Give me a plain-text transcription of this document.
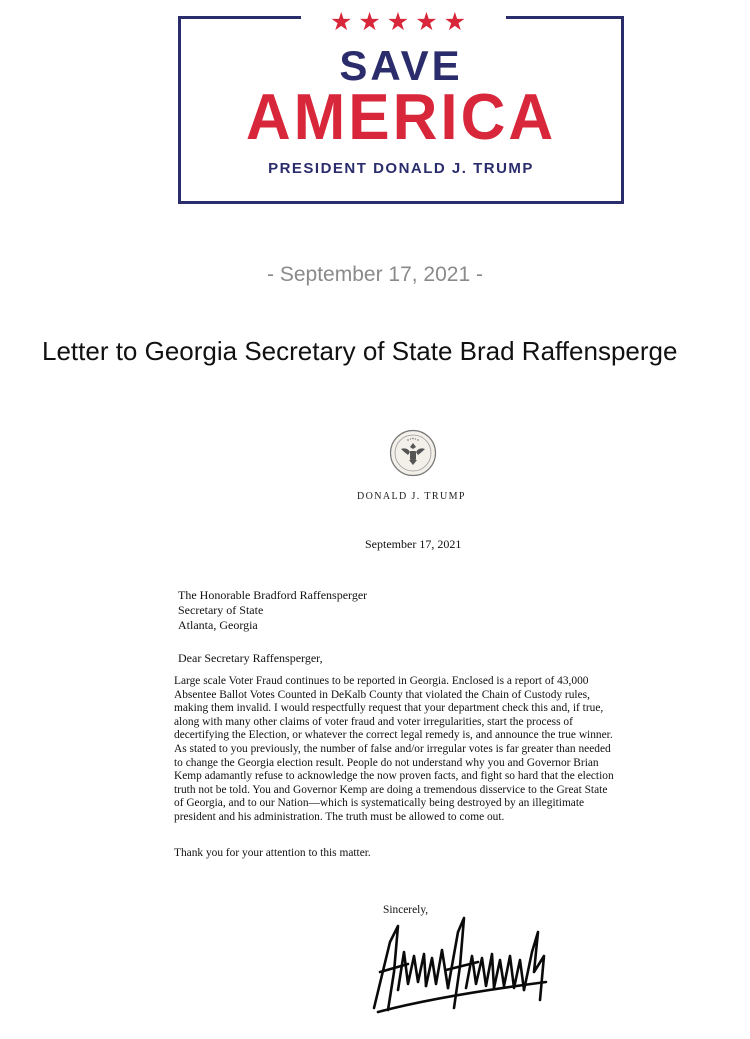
★★★★★
SAVE
AMERICA
PRESIDENT DONALD J. TRUMP
- September 17, 2021 -
Letter to Georgia Secretary of State Brad Raffensperge
DONALD J. TRUMP
September 17, 2021
The Honorable Bradford Raffensperger
Secretary of State
Atlanta, Georgia
Dear Secretary Raffensperger,
Large scale Voter Fraud continues to be reported in Georgia. Enclosed is a report of 43,000
Absentee Ballot Votes Counted in DeKalb County that violated the Chain of Custody rules,
making them invalid. I would respectfully request that your department check this and, if true,
along with many other claims of voter fraud and voter irregularities, start the process of
decertifying the Election, or whatever the correct legal remedy is, and announce the true winner.
As stated to you previously, the number of false and/or irregular votes is far greater than needed
to change the Georgia election result. People do not understand why you and Governor Brian
Kemp adamantly refuse to acknowledge the now proven facts, and fight so hard that the election
truth not be told. You and Governor Kemp are doing a tremendous disservice to the Great State
of Georgia, and to our Nation—which is systematically being destroyed by an illegitimate
president and his administration. The truth must be allowed to come out.
Thank you for your attention to this matter.
Sincerely,
